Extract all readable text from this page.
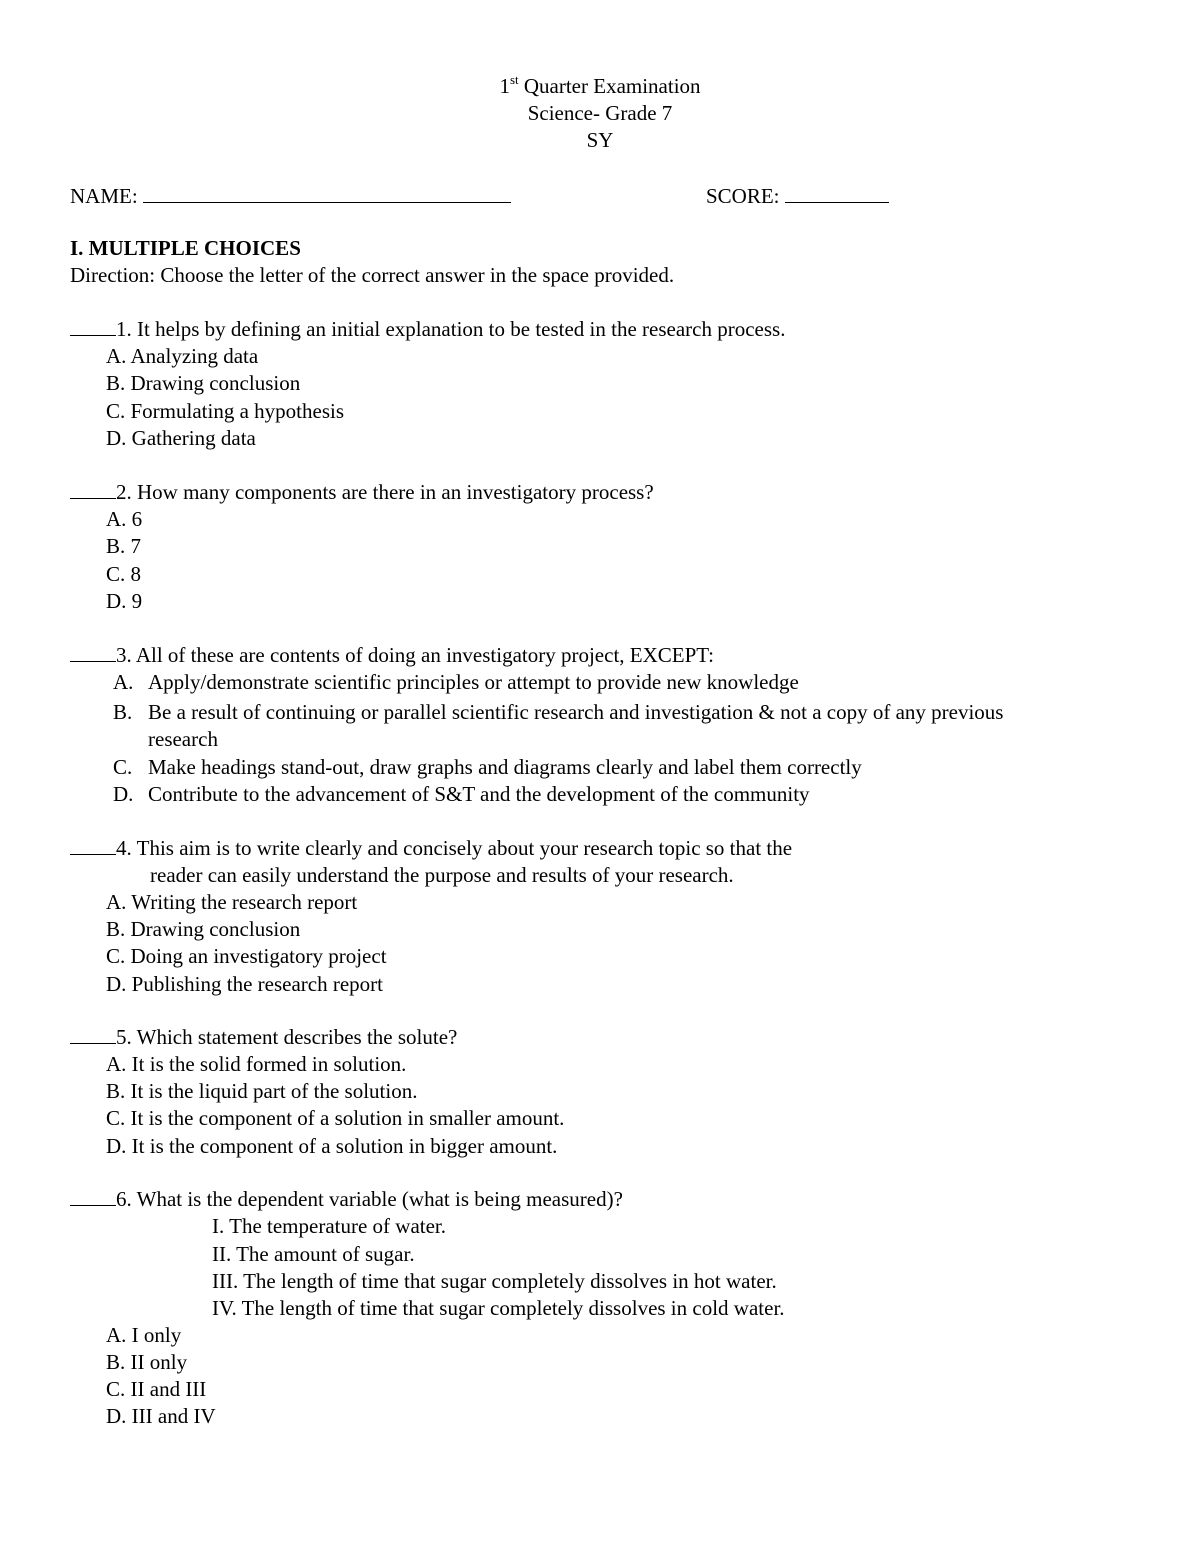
1st Quarter Examination
Science- Grade 7
SY
NAME:	SCORE:
I. MULTIPLE CHOICES
Direction: Choose the letter of the correct answer in the space provided.
1. It helps by defining an initial explanation to be tested in the research process.
A. Analyzing data
B. Drawing conclusion
C. Formulating a hypothesis
D. Gathering data
2. How many components are there in an investigatory process?
A. 6
B. 7
C. 8
D. 9
3. All of these are contents of doing an investigatory project, EXCEPT:
A. Apply/demonstrate scientific principles or attempt to provide new knowledge
B. Be a result of continuing or parallel scientific research and investigation & not a copy of any previous
research
C. Make headings stand-out, draw graphs and diagrams clearly and label them correctly
D. Contribute to the advancement of S&T and the development of the community
4. This aim is to write clearly and concisely about your research topic so that the
reader can easily understand the purpose and results of your research.
A. Writing the research report
B. Drawing conclusion
C. Doing an investigatory project
D. Publishing the research report
5. Which statement describes the solute?
A. It is the solid formed in solution.
B. It is the liquid part of the solution.
C. It is the component of a solution in smaller amount.
D. It is the component of a solution in bigger amount.
6. What is the dependent variable (what is being measured)?
I. The temperature of water.
II. The amount of sugar.
III. The length of time that sugar completely dissolves in hot water.
IV. The length of time that sugar completely dissolves in cold water.
A. I only
B. II only
C. II and III
D. III and IV
